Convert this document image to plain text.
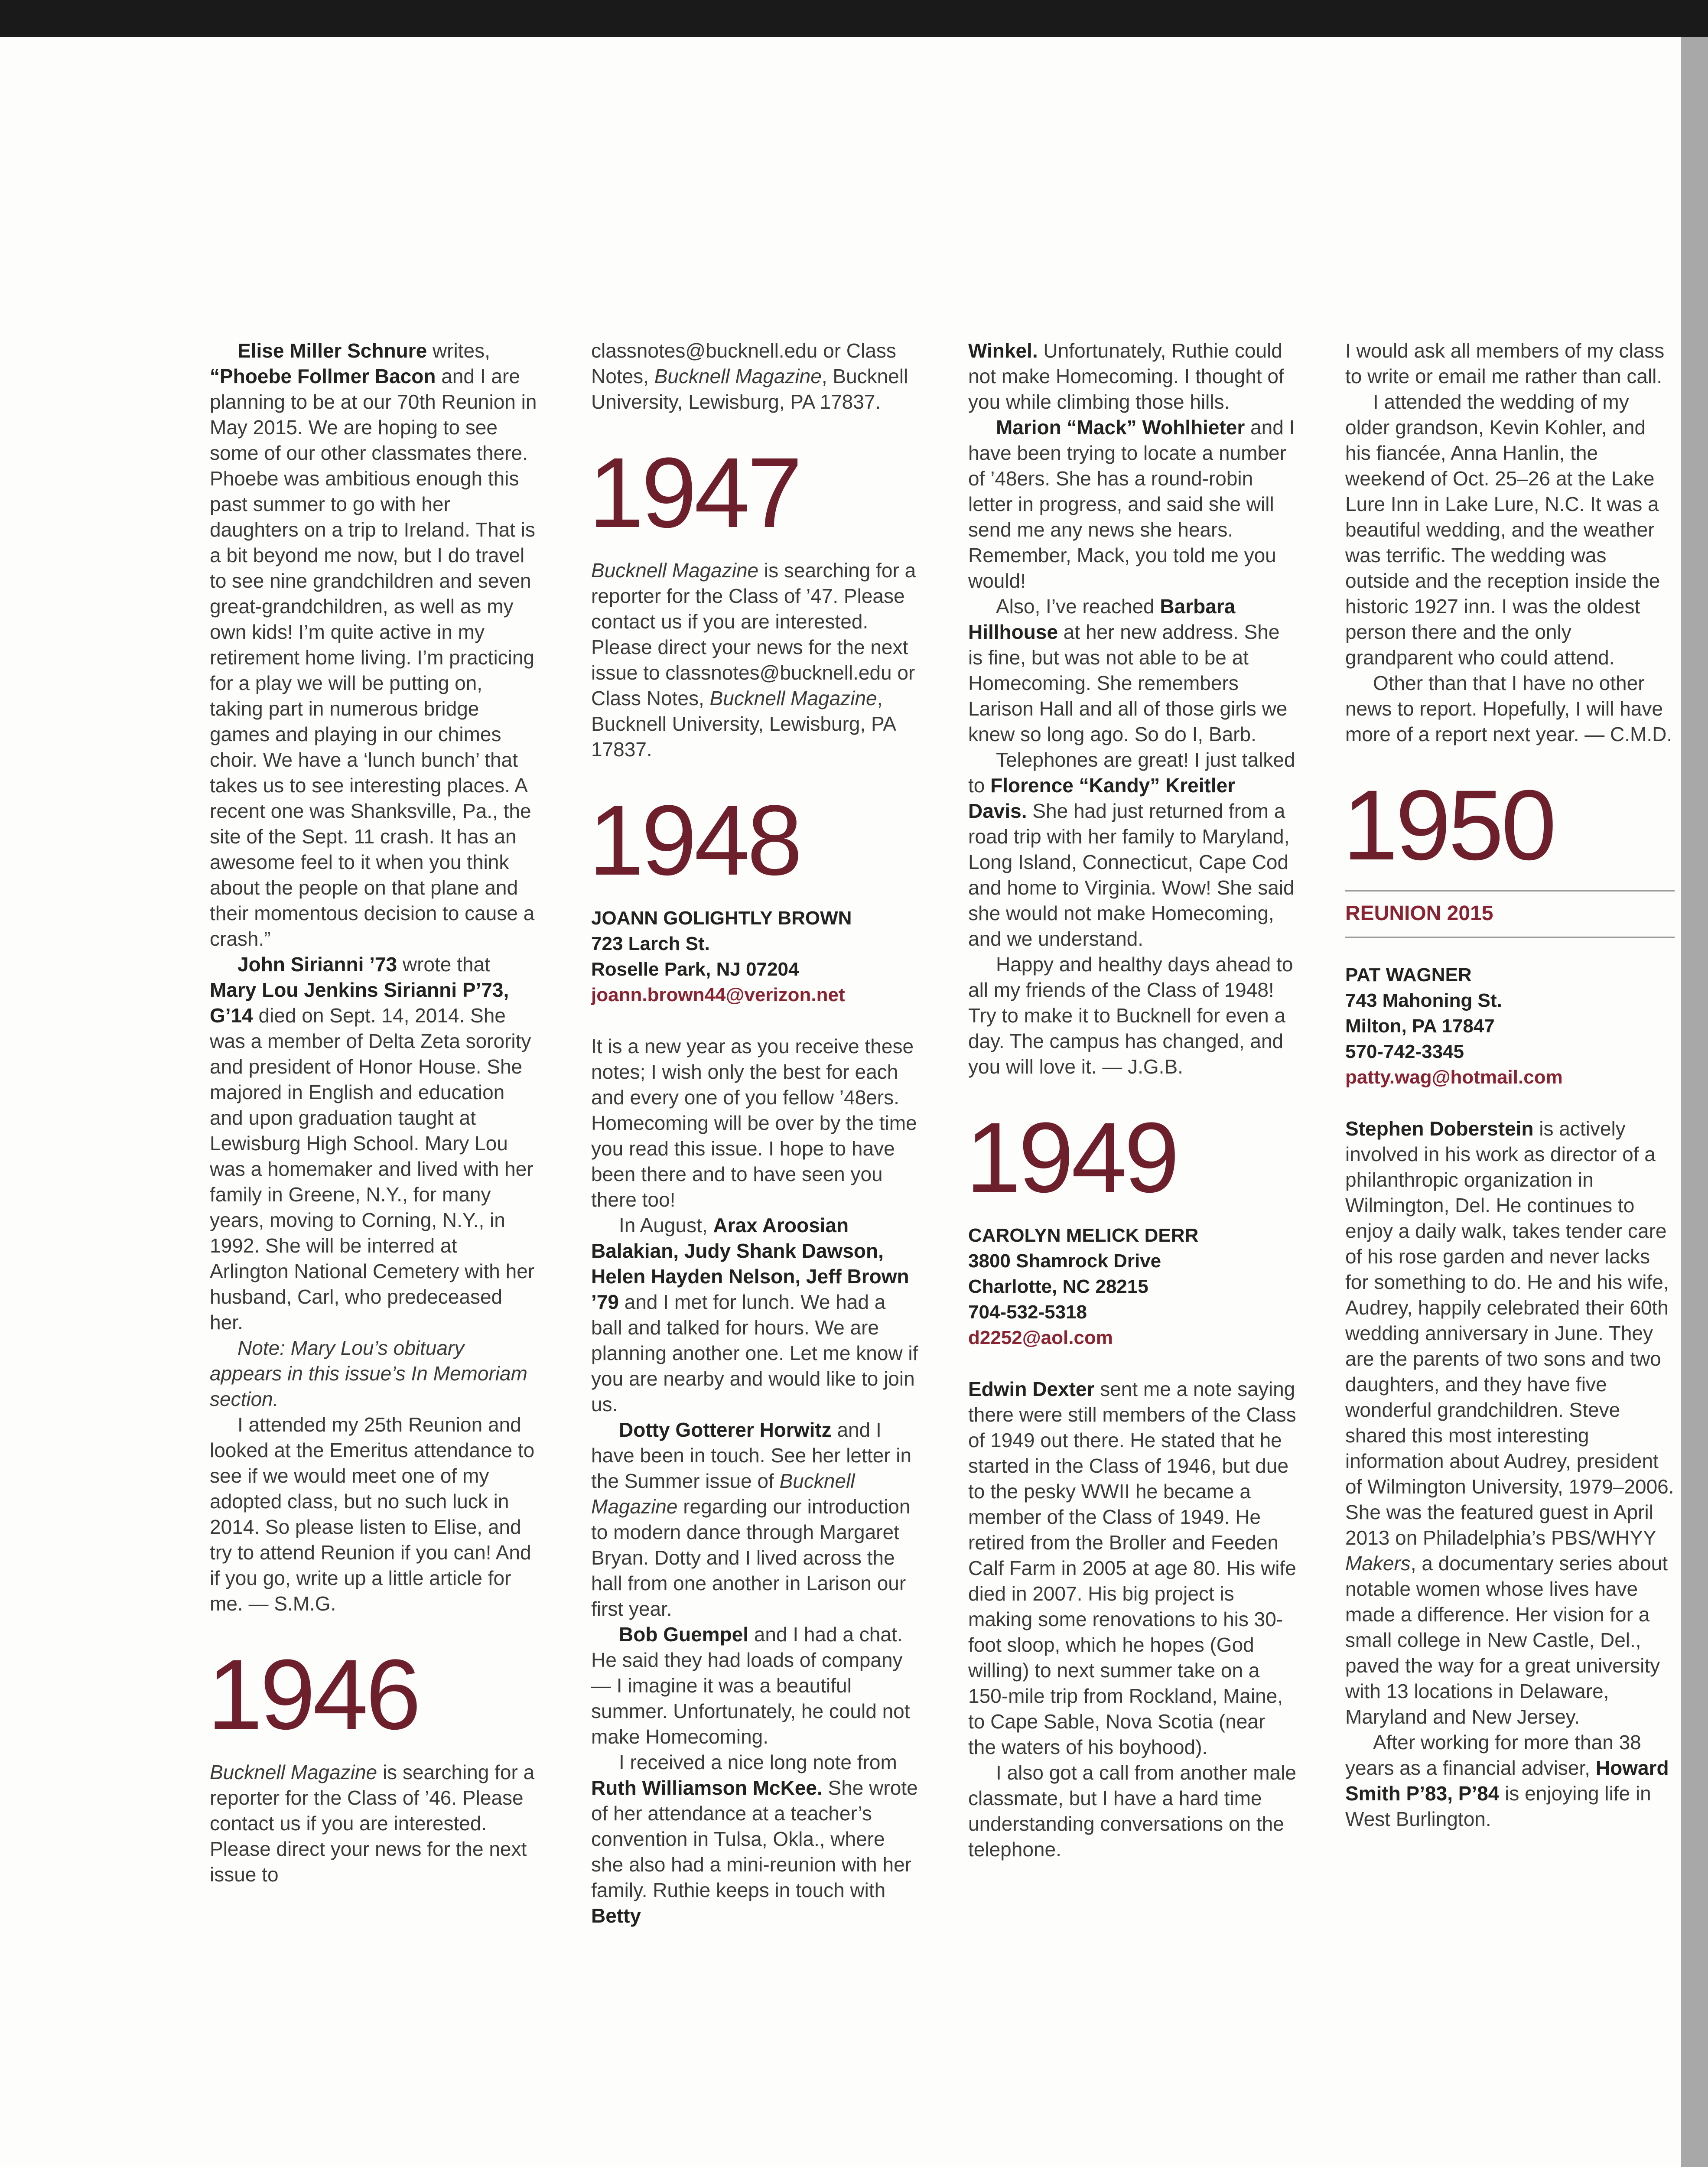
Elise Miller Schnure writes, “Phoebe Follmer Bacon and I are planning to be at our 70th Reunion in May 2015. We are hoping to see some of our other classmates there. Phoebe was ambitious enough this past summer to go with her daughters on a trip to Ireland. That is a bit beyond me now, but I do travel to see nine grandchildren and seven great-grandchildren, as well as my own kids! I’m quite active in my retirement home living. I’m practicing for a play we will be putting on, taking part in numerous bridge games and playing in our chimes choir. We have a ‘lunch bunch’ that takes us to see interesting places. A recent one was Shanksville, Pa., the site of the Sept. 11 crash. It has an awesome feel to it when you think about the people on that plane and their momentous decision to cause a crash.”

John Sirianni ’73 wrote that Mary Lou Jenkins Sirianni P’73, G’14 died on Sept. 14, 2014. She was a member of Delta Zeta sorority and president of Honor House. She majored in English and education and upon graduation taught at Lewisburg High School. Mary Lou was a homemaker and lived with her family in Greene, N.Y., for many years, moving to Corning, N.Y., in 1992. She will be interred at Arlington National Cemetery with her husband, Carl, who predeceased her.

Note: Mary Lou’s obituary appears in this issue’s In Memoriam section.

I attended my 25th Reunion and looked at the Emeritus attendance to see if we would meet one of my adopted class, but no such luck in 2014. So please listen to Elise, and try to attend Reunion if you can! And if you go, write up a little article for me. — S.M.G.

1946

Bucknell Magazine is searching for a reporter for the Class of ’46. Please contact us if you are interested. Please direct your news for the next issue to

classnotes@bucknell.edu or Class Notes, Bucknell Magazine, Bucknell University, Lewisburg, PA 17837.

1947

Bucknell Magazine is searching for a reporter for the Class of ’47. Please contact us if you are interested. Please direct your news for the next issue to classnotes@bucknell.edu or Class Notes, Bucknell Magazine, Bucknell University, Lewisburg, PA 17837.

1948
JOANN GOLIGHTLY BROWN
723 Larch St.
Roselle Park, NJ 07204
joann.brown44@verizon.net

It is a new year as you receive these notes; I wish only the best for each and every one of you fellow ’48ers. Homecoming will be over by the time you read this issue. I hope to have been there and to have seen you there too!

In August, Arax Aroosian Balakian, Judy Shank Dawson, Helen Hayden Nelson, Jeff Brown ’79 and I met for lunch. We had a ball and talked for hours. We are planning another one. Let me know if you are nearby and would like to join us.

Dotty Gotterer Horwitz and I have been in touch. See her letter in the Summer issue of Bucknell Magazine regarding our introduction to modern dance through Margaret Bryan. Dotty and I lived across the hall from one another in Larison our first year.

Bob Guempel and I had a chat. He said they had loads of company — I imagine it was a beautiful summer. Unfortunately, he could not make Homecoming.

I received a nice long note from Ruth Williamson McKee. She wrote of her attendance at a teacher’s convention in Tulsa, Okla., where she also had a mini-reunion with her family. Ruthie keeps in touch with Betty

Winkel. Unfortunately, Ruthie could not make Homecoming. I thought of you while climbing those hills.

Marion “Mack” Wohlhieter and I have been trying to locate a number of ’48ers. She has a round-robin letter in progress, and said she will send me any news she hears. Remember, Mack, you told me you would!

Also, I’ve reached Barbara Hillhouse at her new address. She is fine, but was not able to be at Homecoming. She remembers Larison Hall and all of those girls we knew so long ago. So do I, Barb.

Telephones are great! I just talked to Florence “Kandy” Kreitler Davis. She had just returned from a road trip with her family to Maryland, Long Island, Connecticut, Cape Cod and home to Virginia. Wow! She said she would not make Homecoming, and we understand.

Happy and healthy days ahead to all my friends of the Class of 1948! Try to make it to Bucknell for even a day. The campus has changed, and you will love it. — J.G.B.

1949
CAROLYN MELICK DERR
3800 Shamrock Drive
Charlotte, NC 28215
704-532-5318
d2252@aol.com

Edwin Dexter sent me a note saying there were still members of the Class of 1949 out there. He stated that he started in the Class of 1946, but due to the pesky WWII he became a member of the Class of 1949. He retired from the Broller and Feeden Calf Farm in 2005 at age 80. His wife died in 2007. His big project is making some renovations to his 30-foot sloop, which he hopes (God willing) to next summer take on a 150-mile trip from Rockland, Maine, to Cape Sable, Nova Scotia (near the waters of his boyhood).

I also got a call from another male classmate, but I have a hard time understanding conversations on the telephone.

I would ask all members of my class to write or email me rather than call.

I attended the wedding of my older grandson, Kevin Kohler, and his fiancée, Anna Hanlin, the weekend of Oct. 25–26 at the Lake Lure Inn in Lake Lure, N.C. It was a beautiful wedding, and the weather was terrific. The wedding was outside and the reception inside the historic 1927 inn. I was the oldest person there and the only grandparent who could attend.

Other than that I have no other news to report. Hopefully, I will have more of a report next year. — C.M.D.

1950
REUNION 2015
PAT WAGNER
743 Mahoning St.
Milton, PA 17847
570-742-3345
patty.wag@hotmail.com

Stephen Doberstein is actively involved in his work as director of a philanthropic organization in Wilmington, Del. He continues to enjoy a daily walk, takes tender care of his rose garden and never lacks for something to do. He and his wife, Audrey, happily celebrated their 60th wedding anniversary in June. They are the parents of two sons and two daughters, and they have five wonderful grandchildren. Steve shared this most interesting information about Audrey, president of Wilmington University, 1979–2006. She was the featured guest in April 2013 on Philadelphia’s PBS/WHYY Makers, a documentary series about notable women whose lives have made a difference. Her vision for a small college in New Castle, Del., paved the way for a great university with 13 locations in Delaware, Maryland and New Jersey.

After working for more than 38 years as a financial adviser, Howard Smith P’83, P’84 is enjoying life in West Burlington.
